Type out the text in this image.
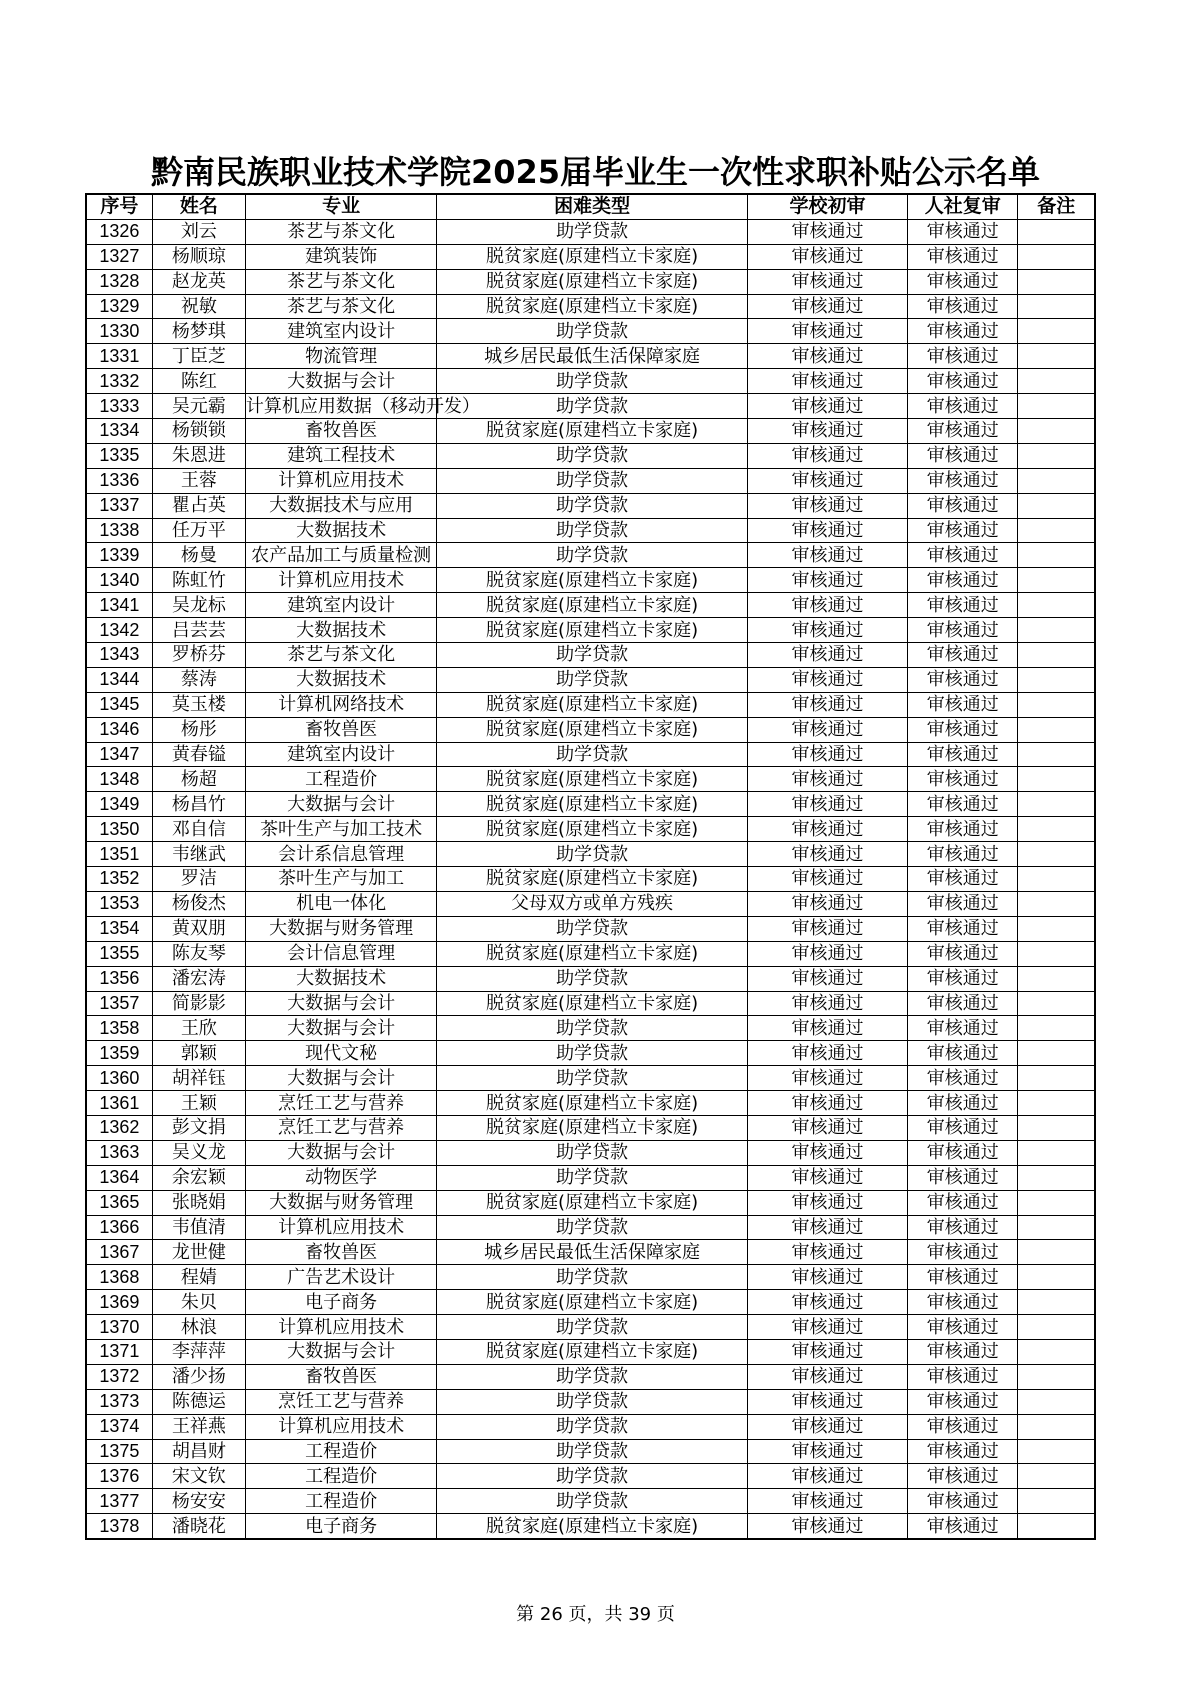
黔南民族职业技术学院2025届毕业生一次性求职补贴公示名单
序号	姓名	专业	困难类型	学校初审	人社复审	备注
1326	刘云	茶艺与茶文化	助学贷款	审核通过	审核通过	
1327	杨顺琼	建筑装饰	脱贫家庭(原建档立卡家庭)	审核通过	审核通过	
1328	赵龙英	茶艺与茶文化	脱贫家庭(原建档立卡家庭)	审核通过	审核通过	
1329	祝敏	茶艺与茶文化	脱贫家庭(原建档立卡家庭)	审核通过	审核通过	
1330	杨梦琪	建筑室内设计	助学贷款	审核通过	审核通过	
1331	丁臣芝	物流管理	城乡居民最低生活保障家庭	审核通过	审核通过	
1332	陈红	大数据与会计	助学贷款	审核通过	审核通过	
1333	吴元霸	计算机应用数据（移动开发）	助学贷款	审核通过	审核通过	
1334	杨锁锁	畜牧兽医	脱贫家庭(原建档立卡家庭)	审核通过	审核通过	
1335	朱恩进	建筑工程技术	助学贷款	审核通过	审核通过	
1336	王蓉	计算机应用技术	助学贷款	审核通过	审核通过	
1337	瞿占英	大数据技术与应用	助学贷款	审核通过	审核通过	
1338	任万平	大数据技术	助学贷款	审核通过	审核通过	
1339	杨曼	农产品加工与质量检测	助学贷款	审核通过	审核通过	
1340	陈虹竹	计算机应用技术	脱贫家庭(原建档立卡家庭)	审核通过	审核通过	
1341	吴龙标	建筑室内设计	脱贫家庭(原建档立卡家庭)	审核通过	审核通过	
1342	吕芸芸	大数据技术	脱贫家庭(原建档立卡家庭)	审核通过	审核通过	
1343	罗桥芬	茶艺与茶文化	助学贷款	审核通过	审核通过	
1344	蔡涛	大数据技术	助学贷款	审核通过	审核通过	
1345	莫玉楼	计算机网络技术	脱贫家庭(原建档立卡家庭)	审核通过	审核通过	
1346	杨彤	畜牧兽医	脱贫家庭(原建档立卡家庭)	审核通过	审核通过	
1347	黄春镒	建筑室内设计	助学贷款	审核通过	审核通过	
1348	杨超	工程造价	脱贫家庭(原建档立卡家庭)	审核通过	审核通过	
1349	杨昌竹	大数据与会计	脱贫家庭(原建档立卡家庭)	审核通过	审核通过	
1350	邓自信	茶叶生产与加工技术	脱贫家庭(原建档立卡家庭)	审核通过	审核通过	
1351	韦继武	会计系信息管理	助学贷款	审核通过	审核通过	
1352	罗洁	茶叶生产与加工	脱贫家庭(原建档立卡家庭)	审核通过	审核通过	
1353	杨俊杰	机电一体化	父母双方或单方残疾	审核通过	审核通过	
1354	黄双朋	大数据与财务管理	助学贷款	审核通过	审核通过	
1355	陈友琴	会计信息管理	脱贫家庭(原建档立卡家庭)	审核通过	审核通过	
1356	潘宏涛	大数据技术	助学贷款	审核通过	审核通过	
1357	简影影	大数据与会计	脱贫家庭(原建档立卡家庭)	审核通过	审核通过	
1358	王欣	大数据与会计	助学贷款	审核通过	审核通过	
1359	郭颖	现代文秘	助学贷款	审核通过	审核通过	
1360	胡祥钰	大数据与会计	助学贷款	审核通过	审核通过	
1361	王颖	烹饪工艺与营养	脱贫家庭(原建档立卡家庭)	审核通过	审核通过	
1362	彭文捐	烹饪工艺与营养	脱贫家庭(原建档立卡家庭)	审核通过	审核通过	
1363	吴义龙	大数据与会计	助学贷款	审核通过	审核通过	
1364	余宏颖	动物医学	助学贷款	审核通过	审核通过	
1365	张晓娟	大数据与财务管理	脱贫家庭(原建档立卡家庭)	审核通过	审核通过	
1366	韦值清	计算机应用技术	助学贷款	审核通过	审核通过	
1367	龙世健	畜牧兽医	城乡居民最低生活保障家庭	审核通过	审核通过	
1368	程婧	广告艺术设计	助学贷款	审核通过	审核通过	
1369	朱贝	电子商务	脱贫家庭(原建档立卡家庭)	审核通过	审核通过	
1370	林浪	计算机应用技术	助学贷款	审核通过	审核通过	
1371	李萍萍	大数据与会计	脱贫家庭(原建档立卡家庭)	审核通过	审核通过	
1372	潘少扬	畜牧兽医	助学贷款	审核通过	审核通过	
1373	陈德运	烹饪工艺与营养	助学贷款	审核通过	审核通过	
1374	王祥燕	计算机应用技术	助学贷款	审核通过	审核通过	
1375	胡昌财	工程造价	助学贷款	审核通过	审核通过	
1376	宋文钦	工程造价	助学贷款	审核通过	审核通过	
1377	杨安安	工程造价	助学贷款	审核通过	审核通过	
1378	潘晓花	电子商务	脱贫家庭(原建档立卡家庭)	审核通过	审核通过	
第 26 页，共 39 页
